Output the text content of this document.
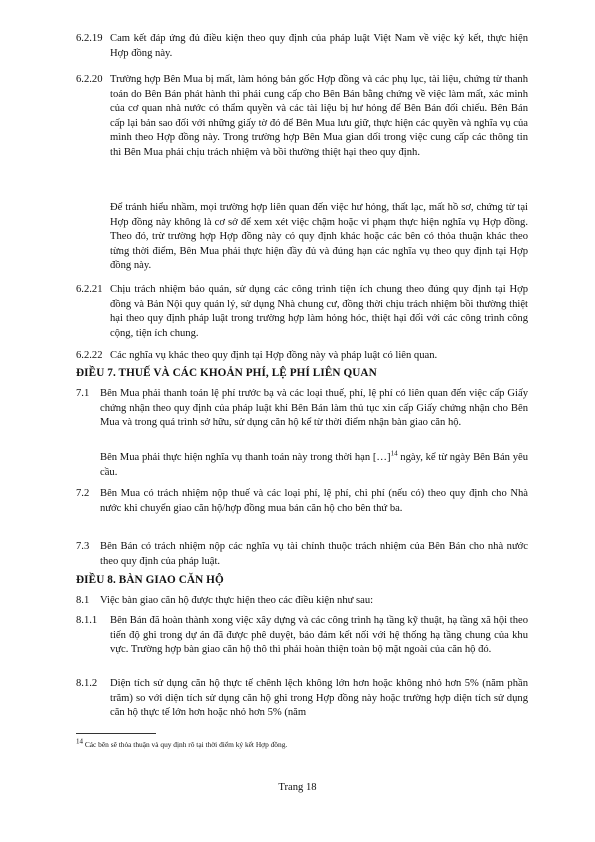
6.2.19 Cam kết đáp ứng đủ điều kiện theo quy định của pháp luật Việt Nam về việc ký kết, thực hiện Hợp đồng này.
6.2.20 Trường hợp Bên Mua bị mất, làm hỏng bản gốc Hợp đồng và các phụ lục, tài liệu, chứng từ thanh toán do Bên Bán phát hành thì phải cung cấp cho Bên Bán bằng chứng về việc làm mất, xác minh của cơ quan nhà nước có thẩm quyền và các tài liệu bị hư hỏng để Bên Bán đối chiếu. Bên Bán cấp lại bản sao đối với những giấy tờ đó để Bên Mua lưu giữ, thực hiện các quyền và nghĩa vụ của mình theo Hợp đồng này. Trong trường hợp Bên Mua gian dối trong việc cung cấp các thông tin thì Bên Mua phải chịu trách nhiệm và bồi thường thiệt hại theo quy định.
Để tránh hiểu nhầm, mọi trường hợp liên quan đến việc hư hỏng, thất lạc, mất hồ sơ, chứng từ tại Hợp đồng này không là cơ sở để xem xét việc chậm hoặc vi phạm thực hiện nghĩa vụ Hợp đồng. Theo đó, trừ trường hợp Hợp đồng này có quy định khác hoặc các bên có thỏa thuận khác theo từng thời điểm, Bên Mua phải thực hiện đầy đủ và đúng hạn các nghĩa vụ theo quy định tại Hợp đồng này.
6.2.21 Chịu trách nhiệm bảo quản, sử dụng các công trình tiện ích chung theo đúng quy định tại Hợp đồng và Bản Nội quy quản lý, sử dụng Nhà chung cư, đồng thời chịu trách nhiệm bồi thường thiệt hại theo quy định pháp luật trong trường hợp làm hỏng hóc, thiệt hại đối với các công trình công cộng, tiện ích chung.
6.2.22 Các nghĩa vụ khác theo quy định tại Hợp đồng này và pháp luật có liên quan.
ĐIỀU 7. THUẾ VÀ CÁC KHOẢN PHÍ, LỆ PHÍ LIÊN QUAN
7.1 Bên Mua phải thanh toán lệ phí trước bạ và các loại thuế, phí, lệ phí có liên quan đến việc cấp Giấy chứng nhận theo quy định của pháp luật khi Bên Bán làm thủ tục xin cấp Giấy chứng nhận cho Bên Mua và trong quá trình sở hữu, sử dụng căn hộ kể từ thời điểm nhận bàn giao căn hộ.
Bên Mua phải thực hiện nghĩa vụ thanh toán này trong thời hạn […]$^{14}$ ngày, kể từ ngày Bên Bán yêu cầu.
7.2 Bên Mua có trách nhiệm nộp thuế và các loại phí, lệ phí, chi phí (nếu có) theo quy định cho Nhà nước khi chuyển giao căn hộ/hợp đồng mua bán căn hộ cho bên thứ ba.
7.3 Bên Bán có trách nhiệm nộp các nghĩa vụ tài chính thuộc trách nhiệm của Bên Bán cho nhà nước theo quy định của pháp luật.
ĐIỀU 8. BÀN GIAO CĂN HỘ
8.1 Việc bàn giao căn hộ được thực hiện theo các điều kiện như sau:
8.1.1 Bên Bán đã hoàn thành xong việc xây dựng và các công trình hạ tầng kỹ thuật, hạ tầng xã hội theo tiến độ ghi trong dự án đã được phê duyệt, bảo đảm kết nối với hệ thống hạ tầng chung của khu vực. Trường hợp bàn giao căn hộ thô thì phải hoàn thiện toàn bộ mặt ngoài của căn hộ đó.
8.1.2 Diện tích sử dụng căn hộ thực tế chênh lệch không lớn hơn hoặc không nhỏ hơn 5% (năm phần trăm) so với diện tích sử dụng căn hộ ghi trong Hợp đồng này hoặc trường hợp diện tích sử dụng căn hộ thực tế lớn hơn hoặc nhỏ hơn 5% (năm
$^{14}$ Các bên sẽ thỏa thuận và quy định rõ tại thời điểm ký kết Hợp đồng.
Trang 18
